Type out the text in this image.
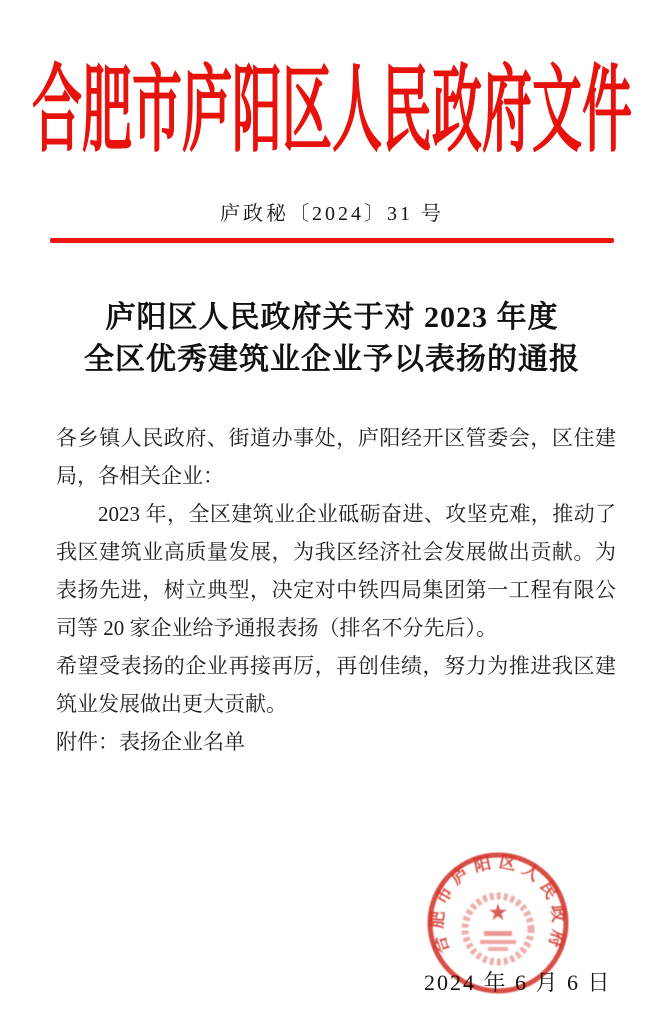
合肥市庐阳区人民政府文件
庐政秘〔2024〕31 号
庐阳区人民政府关于对 2023 年度
全区优秀建筑业企业予以表扬的通报

各乡镇人民政府、街道办事处，庐阳经开区管委会，区住建局，各相关企业：

2023 年，全区建筑业企业砥砺奋进、攻坚克难，推动了我区建筑业高质量发展，为我区经济社会发展做出贡献。为表扬先进，树立典型，决定对中铁四局集团第一工程有限公司等 20 家企业给予通报表扬（排名不分先后）。

希望受表扬的企业再接再厉，再创佳绩，努力为推进我区建筑业发展做出更大贡献。

附件：表扬企业名单

2024 年 6 月 6 日
合肥市庐阳区人民政府
★
